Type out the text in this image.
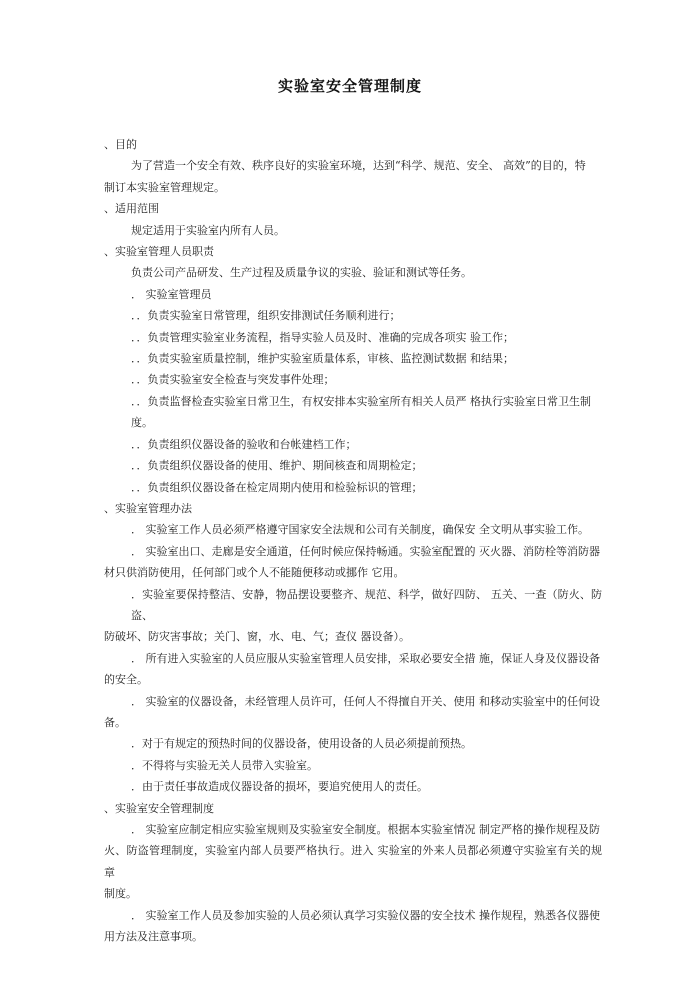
实验室安全管理制度
、目的
为了营造一个安全有效、秩序良好的实验室环境，达到“科学、规范、安全、 高效”的目的，特
制订本实验室管理规定。
、适用范围
规定适用于实验室内所有人员。
、实验室管理人员职责
负责公司产品研发、生产过程及质量争议的实验、验证和测试等任务。
． 实验室管理员
．．负责实验室日常管理，组织安排测试任务顺利进行；
．．负责管理实验室业务流程，指导实验人员及时、准确的完成各项实 验工作；
．．负责实验室质量控制，维护实验室质量体系，审核、监控测试数据 和结果；
．．负责实验室安全检查与突发事件处理；
．．负责监督检查实验室日常卫生，有权安排本实验室所有相关人员严 格执行实验室日常卫生制度。
．．负责组织仪器设备的验收和台帐建档工作；
．．负责组织仪器设备的使用、维护、期间核查和周期检定；
．．负责组织仪器设备在检定周期内使用和检验标识的管理；
、实验室管理办法
． 实验室工作人员必须严格遵守国家安全法规和公司有关制度，确保安 全文明从事实验工作。
． 实验室出口、走廊是安全通道，任何时候应保持畅通。实验室配置的 灭火器、消防栓等消防器
材只供消防使用，任何部门或个人不能随便移动或挪作 它用。
．实验室要保持整洁、安静，物品摆设要整齐、规范、科学，做好四防、 五关、一查（防火、防盗、
防破坏、防灾害事故；关门、窗，水、电、气；查仪 器设备）。
． 所有进入实验室的人员应服从实验室管理人员安排，采取必要安全措 施，保证人身及仪器设备
的安全。
． 实验室的仪器设备，未经管理人员许可，任何人不得擅自开关、使用 和移动实验室中的任何设
备。
．对于有规定的预热时间的仪器设备，使用设备的人员必须提前预热。
．不得将与实验无关人员带入实验室。
．由于责任事故造成仪器设备的损坏，要追究使用人的责任。
、实验室安全管理制度
． 实验室应制定相应实验室规则及实验室安全制度。根据本实验室情况 制定严格的操作规程及防
火、防盗管理制度，实验室内部人员要严格执行。进入 实验室的外来人员都必须遵守实验室有关的规章
制度。
． 实验室工作人员及参加实验的人员必须认真学习实验仪器的安全技术 操作规程，熟悉各仪器使
用方法及注意事项。
